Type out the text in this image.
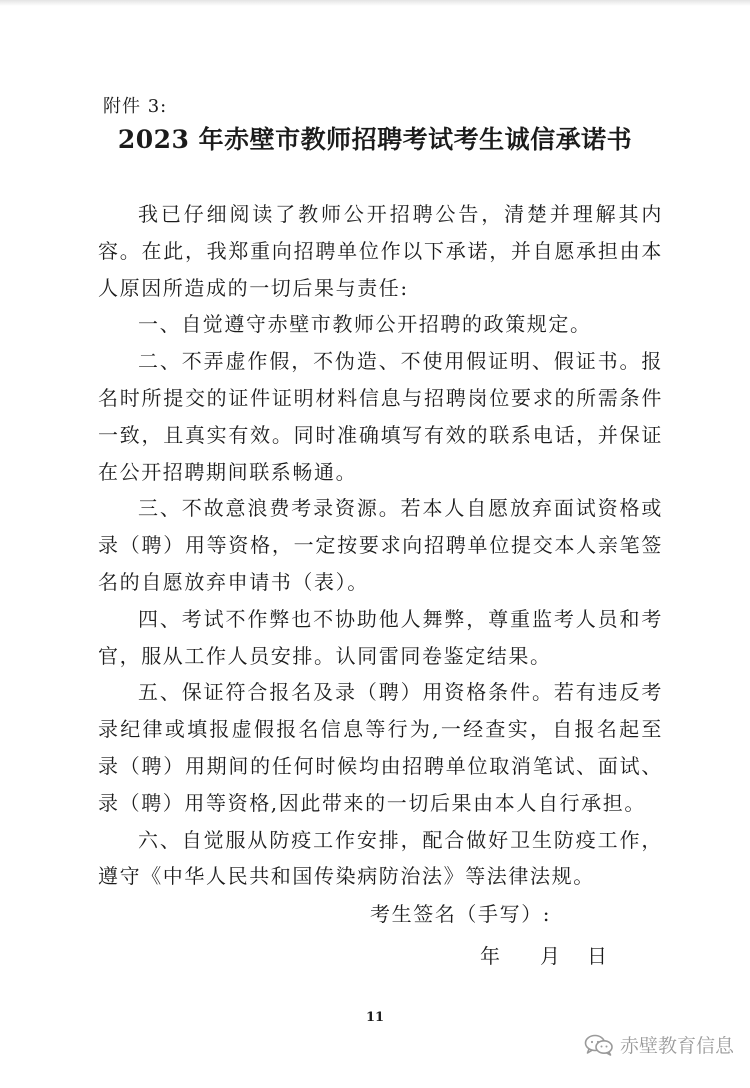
附件 3:
2023 年赤壁市教师招聘考试考生诚信承诺书

我已仔细阅读了教师公开招聘公告，清楚并理解其内容。在此，我郑重向招聘单位作以下承诺，并自愿承担由本人原因所造成的一切后果与责任:

一、自觉遵守赤壁市教师公开招聘的政策规定。

二、不弄虚作假，不伪造、不使用假证明、假证书。报名时所提交的证件证明材料信息与招聘岗位要求的所需条件一致，且真实有效。同时准确填写有效的联系电话，并保证在公开招聘期间联系畅通。

三、不故意浪费考录资源。若本人自愿放弃面试资格或录（聘）用等资格，一定按要求向招聘单位提交本人亲笔签名的自愿放弃申请书（表）。

四、考试不作弊也不协助他人舞弊，尊重监考人员和考官，服从工作人员安排。认同雷同卷鉴定结果。

五、保证符合报名及录（聘）用资格条件。若有违反考录纪律或填报虚假报名信息等行为,一经查实，自报名起至录（聘）用期间的任何时候均由招聘单位取消笔试、面试、录（聘）用等资格,因此带来的一切后果由本人自行承担。

六、自觉服从防疫工作安排，配合做好卫生防疫工作，遵守《中华人民共和国传染病防治法》等法律法规。

考生签名（手写）:
年 月 日
11
赤壁教育信息
